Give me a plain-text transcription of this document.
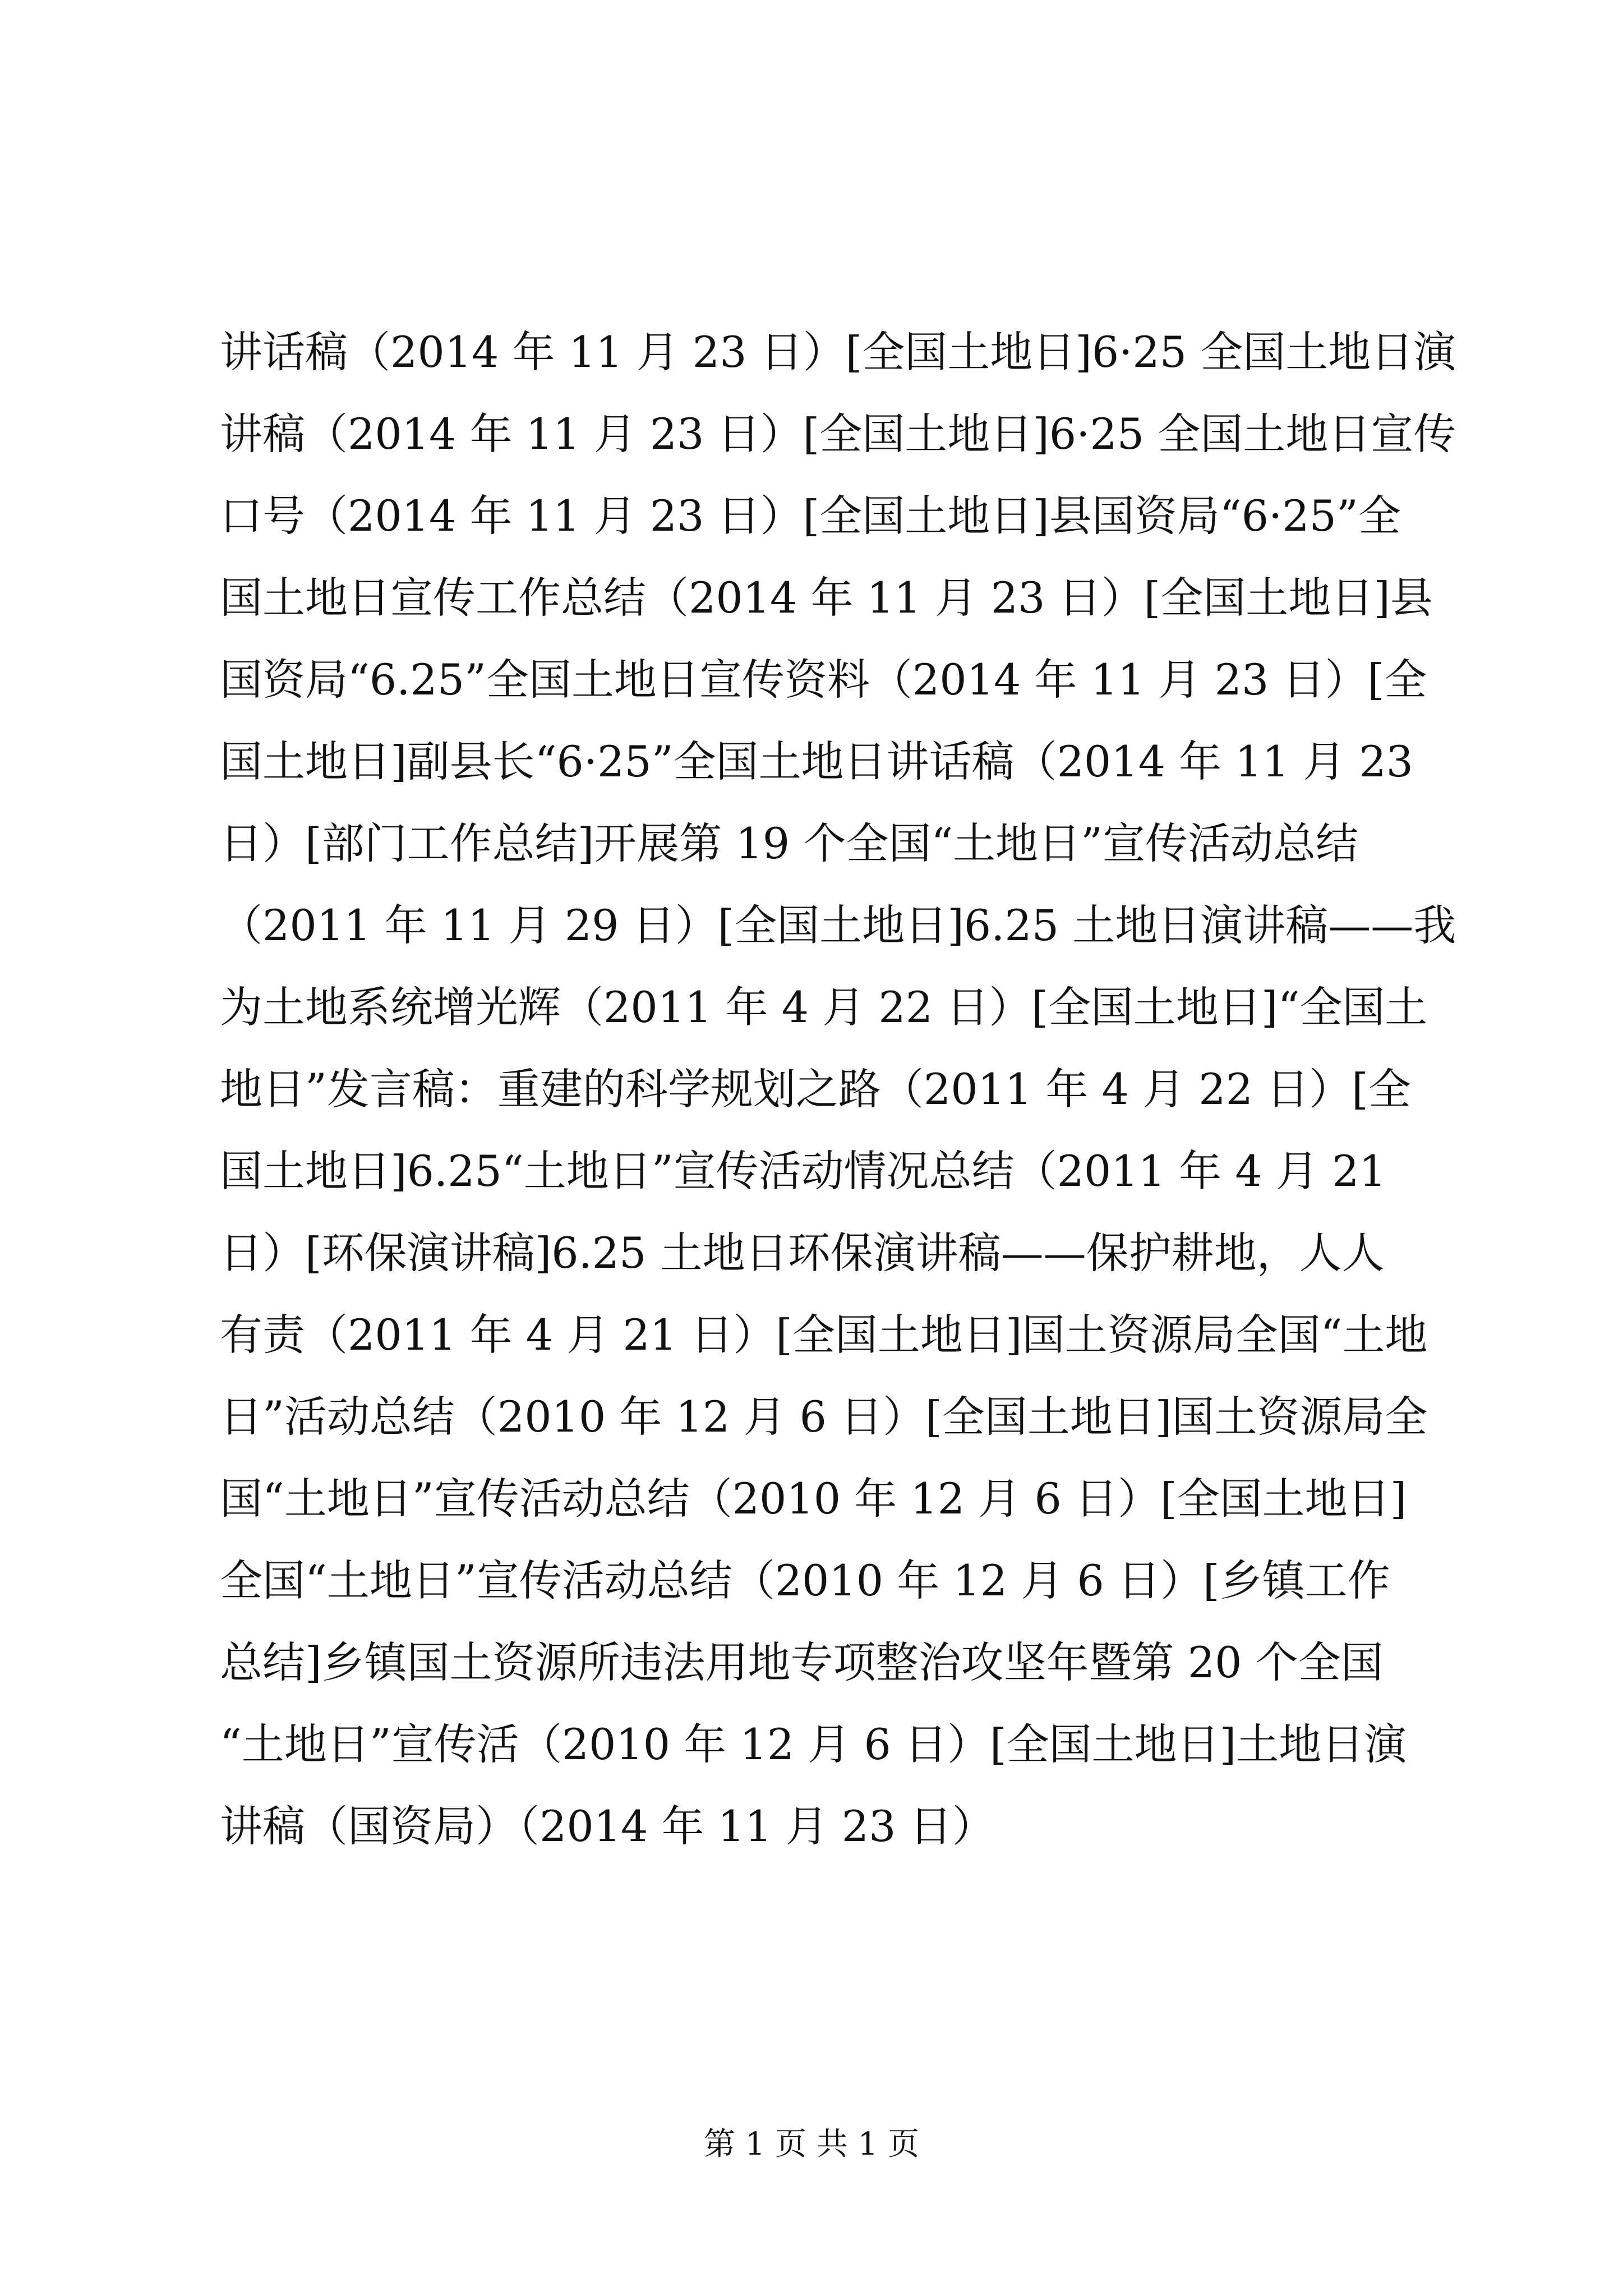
讲话稿（2014 年 11 月 23 日）[全国土地日]6·25 全国土地日演
讲稿（2014 年 11 月 23 日）[全国土地日]6·25 全国土地日宣传
口号（2014 年 11 月 23 日）[全国土地日]县国资局“6·25”全
国土地日宣传工作总结（2014 年 11 月 23 日）[全国土地日]县
国资局“6.25”全国土地日宣传资料（2014 年 11 月 23 日）[全
国土地日]副县长“6·25”全国土地日讲话稿（2014 年 11 月 23
日）[部门工作总结]开展第 19 个全国“土地日”宣传活动总结
（2011 年 11 月 29 日）[全国土地日]6.25 土地日演讲稿——我
为土地系统增光辉（2011 年 4 月 22 日）[全国土地日]“全国土
地日”发言稿：重建的科学规划之路（2011 年 4 月 22 日）[全
国土地日]6.25“土地日”宣传活动情况总结（2011 年 4 月 21
日）[环保演讲稿]6.25 土地日环保演讲稿——保护耕地，人人
有责（2011 年 4 月 21 日）[全国土地日]国土资源局全国“土地
日”活动总结（2010 年 12 月 6 日）[全国土地日]国土资源局全
国“土地日”宣传活动总结（2010 年 12 月 6 日）[全国土地日]
全国“土地日”宣传活动总结（2010 年 12 月 6 日）[乡镇工作
总结]乡镇国土资源所违法用地专项整治攻坚年暨第 20 个全国
“土地日”宣传活（2010 年 12 月 6 日）[全国土地日]土地日演
讲稿（国资局）（2014 年 11 月 23 日）
第 1 页 共 1 页
